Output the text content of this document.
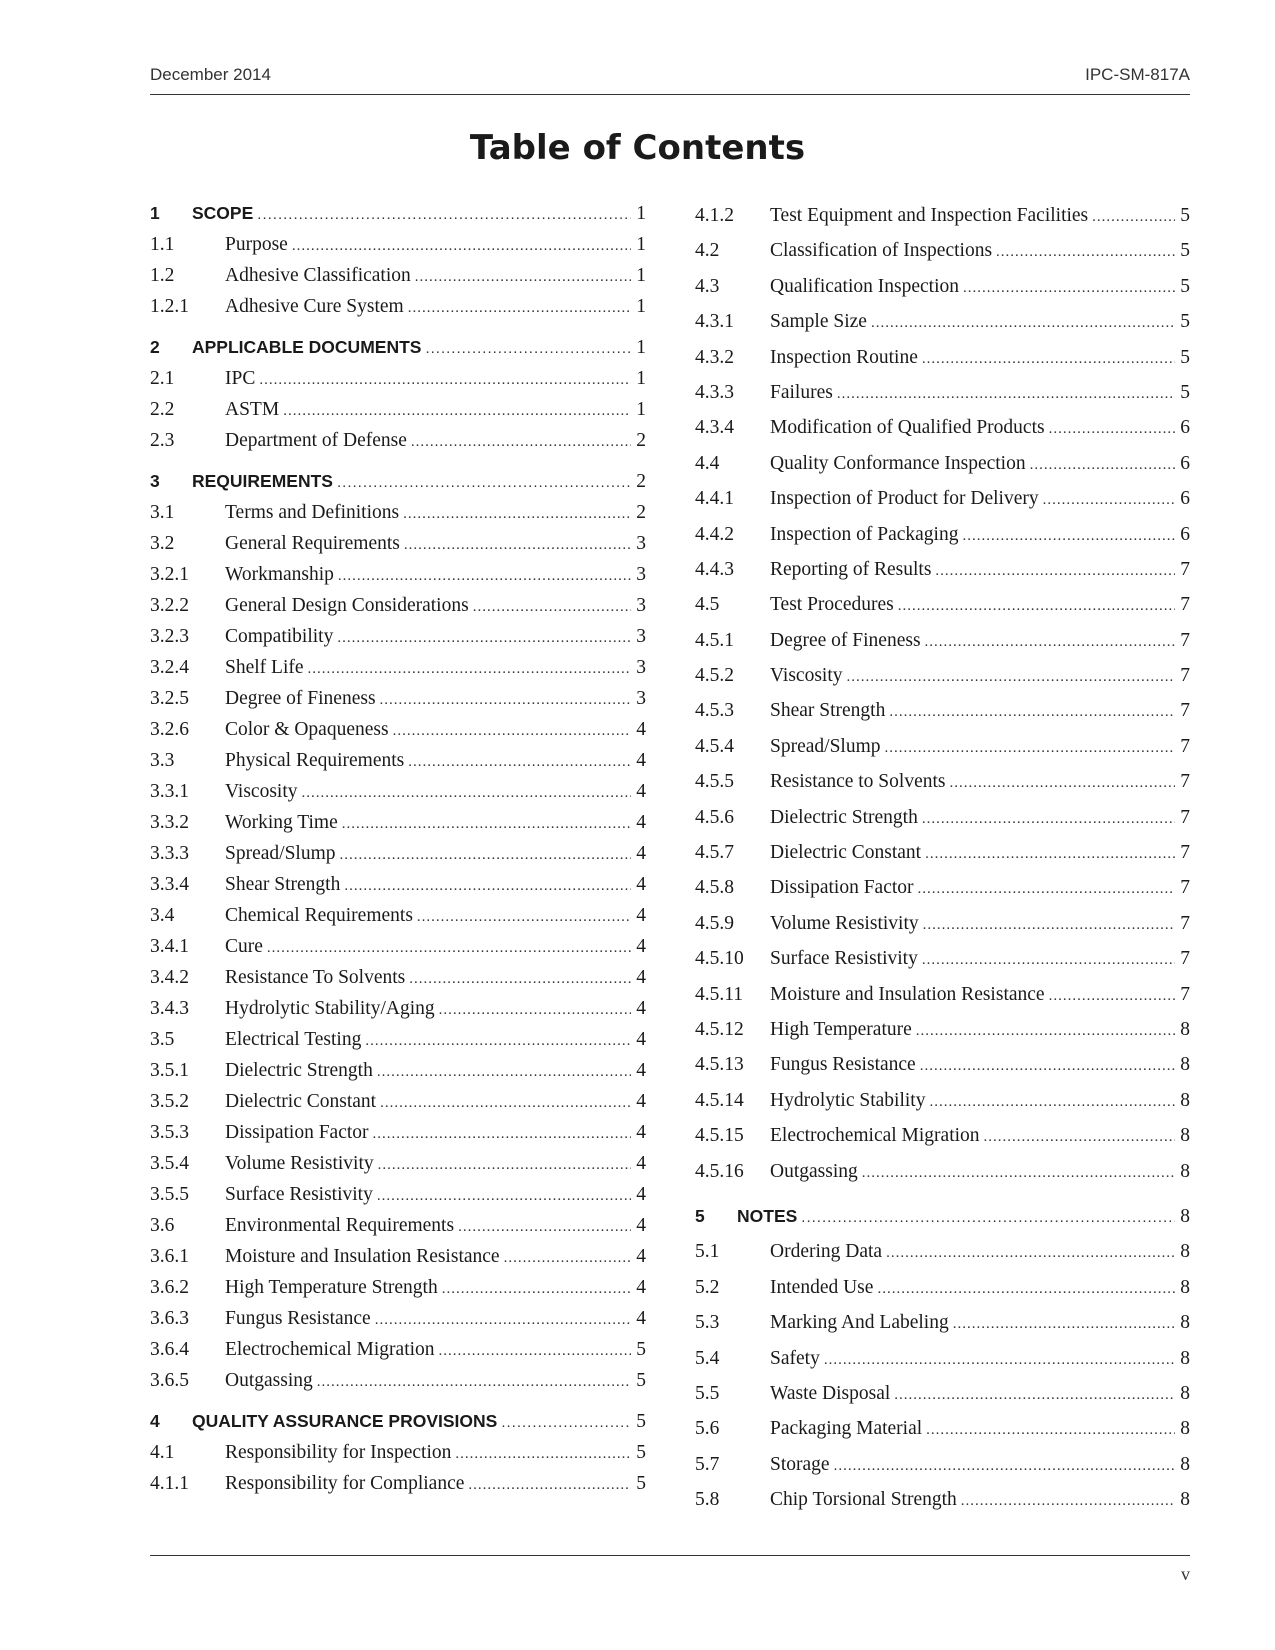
December 2014	IPC-SM-817A
Table of Contents
1	SCOPE .....	1
1.1	Purpose .....	1
1.2	Adhesive Classification .....	1
1.2.1	Adhesive Cure System .....	1
2	APPLICABLE DOCUMENTS .....	1
2.1	IPC .....	1
2.2	ASTM .....	1
2.3	Department of Defense .....	2
3	REQUIREMENTS .....	2
3.1	Terms and Definitions .....	2
3.2	General Requirements .....	3
3.2.1	Workmanship .....	3
3.2.2	General Design Considerations .....	3
3.2.3	Compatibility .....	3
3.2.4	Shelf Life .....	3
3.2.5	Degree of Fineness .....	3
3.2.6	Color & Opaqueness .....	4
3.3	Physical Requirements .....	4
3.3.1	Viscosity .....	4
3.3.2	Working Time .....	4
3.3.3	Spread/Slump .....	4
3.3.4	Shear Strength .....	4
3.4	Chemical Requirements .....	4
3.4.1	Cure .....	4
3.4.2	Resistance To Solvents .....	4
3.4.3	Hydrolytic Stability/Aging .....	4
3.5	Electrical Testing .....	4
3.5.1	Dielectric Strength .....	4
3.5.2	Dielectric Constant .....	4
3.5.3	Dissipation Factor .....	4
3.5.4	Volume Resistivity .....	4
3.5.5	Surface Resistivity .....	4
3.6	Environmental Requirements .....	4
3.6.1	Moisture and Insulation Resistance .....	4
3.6.2	High Temperature Strength .....	4
3.6.3	Fungus Resistance .....	4
3.6.4	Electrochemical Migration .....	5
3.6.5	Outgassing .....	5
4	QUALITY ASSURANCE PROVISIONS .....	5
4.1	Responsibility for Inspection .....	5
4.1.1	Responsibility for Compliance .....	5
4.1.2	Test Equipment and Inspection Facilities .....	5
4.2	Classification of Inspections .....	5
4.3	Qualification Inspection .....	5
4.3.1	Sample Size .....	5
4.3.2	Inspection Routine .....	5
4.3.3	Failures .....	5
4.3.4	Modification of Qualified Products .....	6
4.4	Quality Conformance Inspection .....	6
4.4.1	Inspection of Product for Delivery .....	6
4.4.2	Inspection of Packaging .....	6
4.4.3	Reporting of Results .....	7
4.5	Test Procedures .....	7
4.5.1	Degree of Fineness .....	7
4.5.2	Viscosity .....	7
4.5.3	Shear Strength .....	7
4.5.4	Spread/Slump .....	7
4.5.5	Resistance to Solvents .....	7
4.5.6	Dielectric Strength .....	7
4.5.7	Dielectric Constant .....	7
4.5.8	Dissipation Factor .....	7
4.5.9	Volume Resistivity .....	7
4.5.10	Surface Resistivity .....	7
4.5.11	Moisture and Insulation Resistance .....	7
4.5.12	High Temperature .....	8
4.5.13	Fungus Resistance .....	8
4.5.14	Hydrolytic Stability .....	8
4.5.15	Electrochemical Migration .....	8
4.5.16	Outgassing .....	8
5	NOTES .....	8
5.1	Ordering Data .....	8
5.2	Intended Use .....	8
5.3	Marking And Labeling .....	8
5.4	Safety .....	8
5.5	Waste Disposal .....	8
5.6	Packaging Material .....	8
5.7	Storage .....	8
5.8	Chip Torsional Strength .....	8
v
